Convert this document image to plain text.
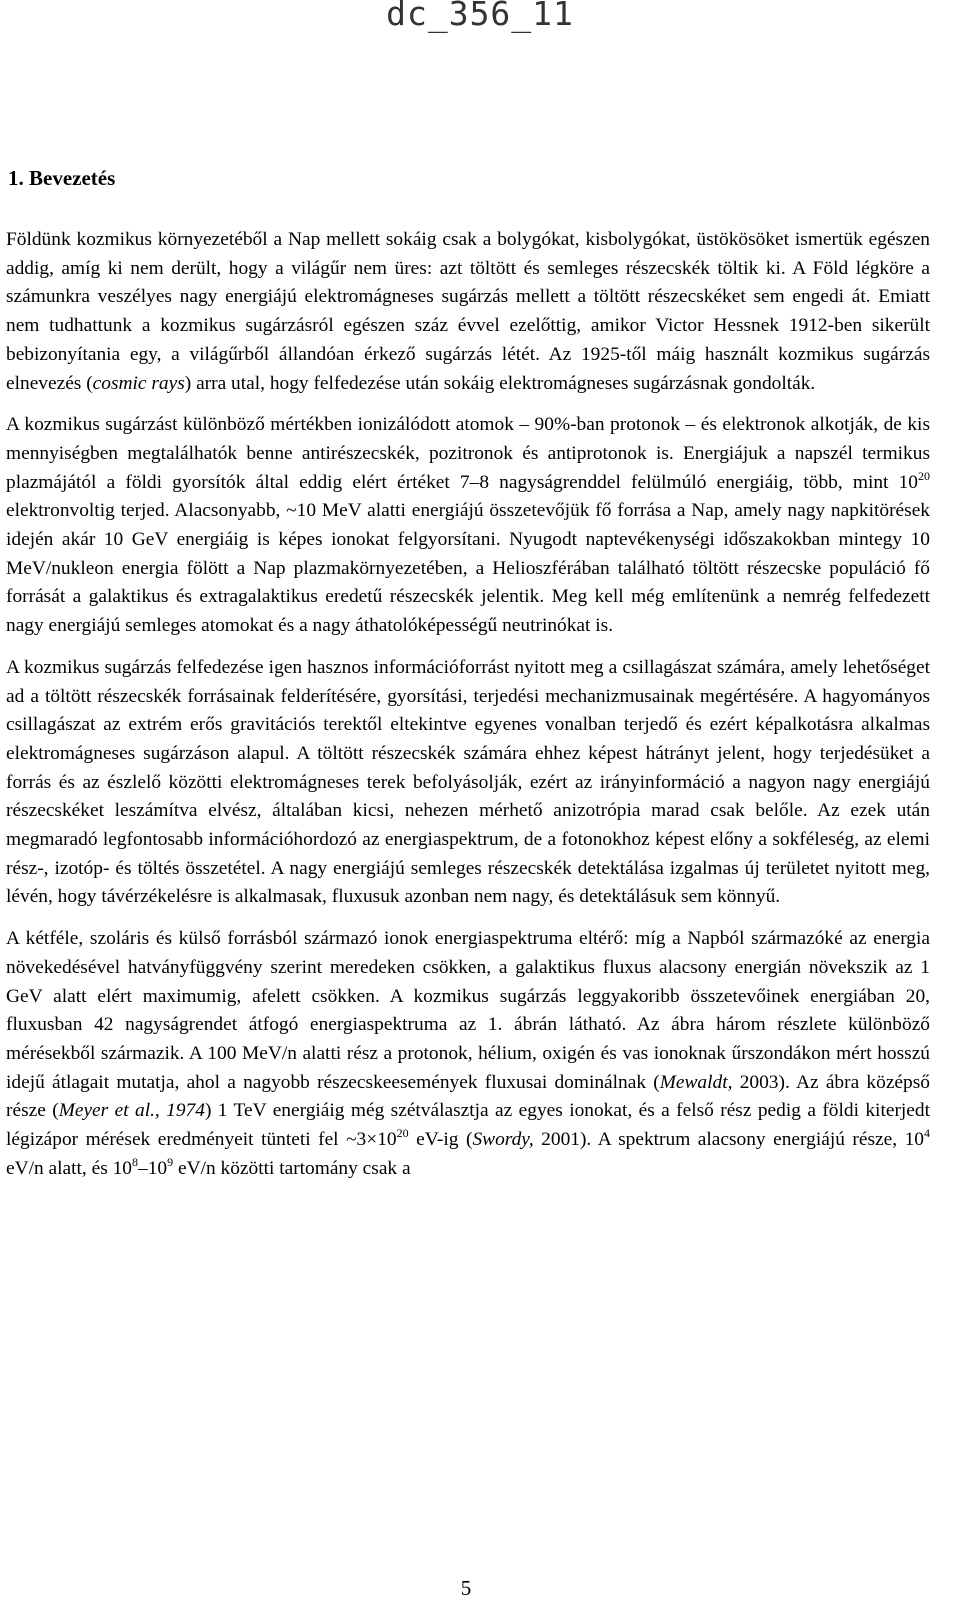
dc_356_11
1. Bevezetés

Földünk kozmikus környezetéből a Nap mellett sokáig csak a bolygókat, kisbolygókat, üstökösöket ismertük egészen addig, amíg ki nem derült, hogy a világűr nem üres: azt töltött és semleges részecskék töltik ki. A Föld légköre a számunkra veszélyes nagy energiájú elektromágneses sugárzás mellett a töltött részecskéket sem engedi át. Emiatt nem tudhattunk a kozmikus sugárzásról egészen száz évvel ezelőttig, amikor Victor Hessnek 1912-ben sikerült bebizonyítania egy, a világűrből állandóan érkező sugárzás létét. Az 1925-től máig használt kozmikus sugárzás elnevezés (cosmic rays) arra utal, hogy felfedezése után sokáig elektromágneses sugárzásnak gondolták.

A kozmikus sugárzást különböző mértékben ionizálódott atomok – 90%-ban protonok – és elektronok alkotják, de kis mennyiségben megtalálhatók benne antirészecskék, pozitronok és antiprotonok is. Energiájuk a napszél termikus plazmájától a földi gyorsítók által eddig elért értéket 7–8 nagyságrenddel felülmúló energiáig, több, mint $10^{20}$ elektronvoltig terjed. Alacsonyabb, ~10 MeV alatti energiájú összetevőjük fő forrása a Nap, amely nagy napkitörések idején akár 10 GeV energiáig is képes ionokat felgyorsítani. Nyugodt naptevékenységi időszakokban mintegy 10 MeV/nukleon energia fölött a Nap plazmakörnyezetében, a Helioszférában található töltött részecske populáció fő forrását a galaktikus és extragalaktikus eredetű részecskék jelentik. Meg kell még említenünk a nemrég felfedezett nagy energiájú semleges atomokat és a nagy áthatolóképességű neutrinókat is.

A kozmikus sugárzás felfedezése igen hasznos információforrást nyitott meg a csillagászat számára, amely lehetőséget ad a töltött részecskék forrásainak felderítésére, gyorsítási, terjedési mechanizmusainak megértésére. A hagyományos csillagászat az extrém erős gravitációs terektől eltekintve egyenes vonalban terjedő és ezért képalkotásra alkalmas elektromágneses sugárzáson alapul. A töltött részecskék számára ehhez képest hátrányt jelent, hogy terjedésüket a forrás és az észlelő közötti elektromágneses terek befolyásolják, ezért az irányinformáció a nagyon nagy energiájú részecskéket leszámítva elvész, általában kicsi, nehezen mérhető anizotrópia marad csak belőle. Az ezek után megmaradó legfontosabb információhordozó az energiaspektrum, de a fotonokhoz képest előny a sokféleség, az elemi rész-, izotóp- és töltés összetétel. A nagy energiájú semleges részecskék detektálása izgalmas új területet nyitott meg, lévén, hogy távérzékelésre is alkalmasak, fluxusuk azonban nem nagy, és detektálásuk sem könnyű.

A kétféle, szoláris és külső forrásból származó ionok energiaspektruma eltérő: míg a Napból származóké az energia növekedésével hatványfüggvény szerint meredeken csökken, a galaktikus fluxus alacsony energián növekszik az 1 GeV alatt elért maximumig, afelett csökken. A kozmikus sugárzás leggyakoribb összetevőinek energiában 20, fluxusban 42 nagyságrendet átfogó energiaspektruma az 1. ábrán látható. Az ábra három részlete különböző mérésekből származik. A 100 MeV/n alatti rész a protonok, hélium, oxigén és vas ionoknak űrszondákon mért hosszú idejű átlagait mutatja, ahol a nagyobb részecskeesemények fluxusai dominálnak (Mewaldt, 2003). Az ábra középső része (Meyer et al., 1974) 1 TeV energiáig még szétválasztja az egyes ionokat, és a felső rész pedig a földi kiterjedt légizápor mérések eredményeit tünteti fel $\sim 3\times 10^{20}$ eV-ig (Swordy, 2001). A spektrum alacsony energiájú része, $10^4$ eV/n alatt, és $10^8-10^9$ eV/n közötti tartomány csak a

5
